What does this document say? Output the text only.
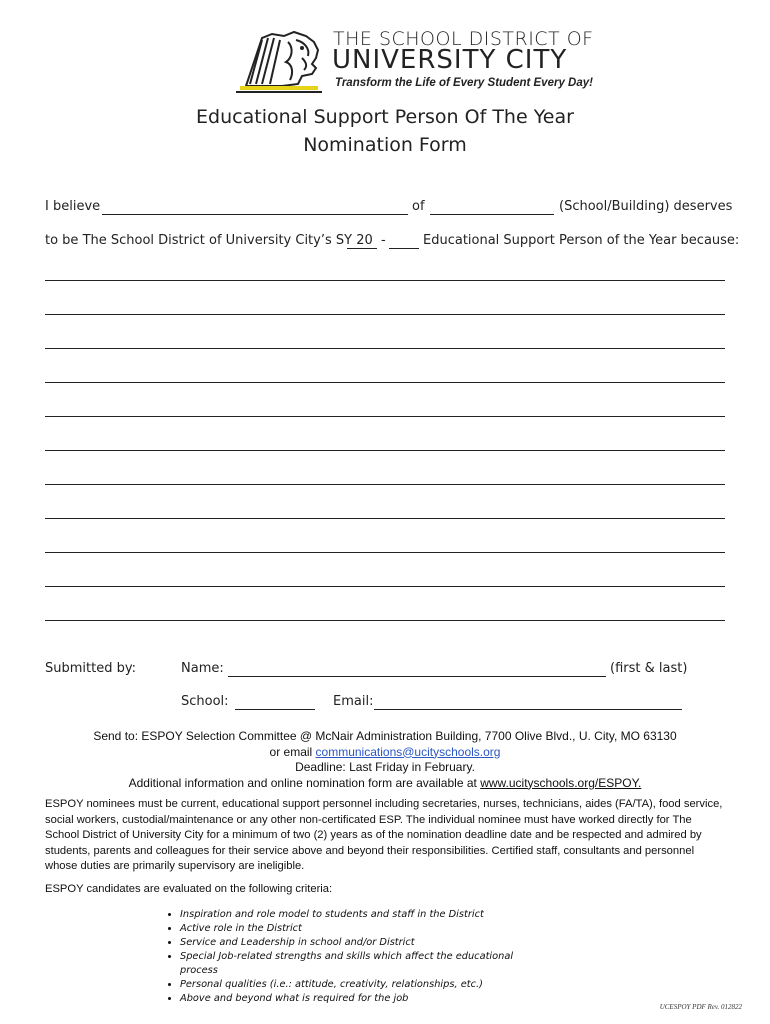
THE SCHOOL DISTRICT OF
UNIVERSITY CITY
Transform the Life of Every Student Every Day!
Educational Support Person Of The Year
Nomination Form
I believe	of	(School/Building) deserves
to be The School District of University City’s SY 20 -	Educational Support Person of the Year because:
Submitted by:	Name:	(first & last)
School:	Email:
Send to: ESPOY Selection Committee @ McNair Administration Building, 7700 Olive Blvd., U. City, MO 63130
or email communications@ucityschools.org
Deadline: Last Friday in February.
Additional information and online nomination form are available at www.ucityschools.org/ESPOY.
ESPOY nominees must be current, educational support personnel including secretaries, nurses, technicians, aides (FA/TA), food service, social workers, custodial/maintenance or any other non-certificated ESP. The individual nominee must have worked directly for The School District of University City for a minimum of two (2) years as of the nomination deadline date and be respected and admired by students, parents and colleagues for their service above and beyond their responsibilities. Certified staff, consultants and personnel whose duties are primarily supervisory are ineligible.
ESPOY candidates are evaluated on the following criteria:
• Inspiration and role model to students and staff in the District
• Active role in the District
• Service and Leadership in school and/or District
• Special Job-related strengths and skills which affect the educational process
• Personal qualities (i.e.: attitude, creativity, relationships, etc.)
• Above and beyond what is required for the job
UCESPOY PDF Rev. 012822
